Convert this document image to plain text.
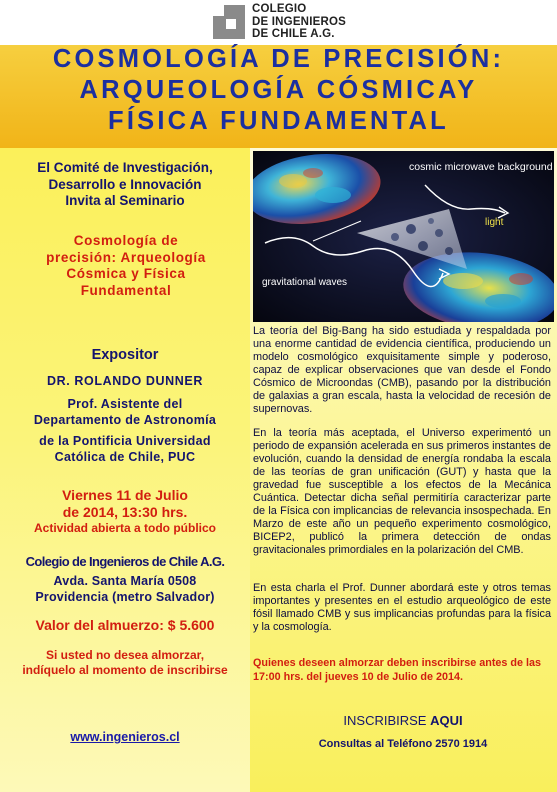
COLEGIO
DE INGENIEROS
DE CHILE A.G.
COSMOLOGÍA DE PRECISIÓN:
ARQUEOLOGÍA CÓSMICAY
FÍSICA FUNDAMENTAL
El Comité de Investigación,
Desarrollo e Innovación
Invita al Seminario
Cosmología de
precisión: Arqueología
Cósmica y Física
Fundamental
Expositor
DR. ROLANDO DUNNER
Prof. Asistente del
Departamento de Astronomía
de la Pontificia Universidad
Católica de Chile, PUC
Viernes 11 de Julio
de 2014, 13:30 hrs.
Actividad abierta a todo público
Colegio de Ingenieros de Chile A.G.
Avda. Santa María 0508
Providencia (metro Salvador)
Valor del almuerzo: $ 5.600
Si usted no desea almorzar,
indíquelo al momento de inscribirse
www.ingenieros.cl
cosmic microwave background
light
gravitational waves
La teoría del Big-Bang ha sido estudiada y respaldada por una enorme cantidad de evidencia científica, produciendo un modelo cosmológico exquisitamente simple y poderoso, capaz de explicar observaciones que van desde el Fondo Cósmico de Microondas (CMB), pasando por la distribución de galaxias a gran escala, hasta la velocidad de recesión de supernovas.
En la teoría más aceptada, el Universo experimentó un periodo de expansión acelerada en sus primeros instantes de evolución, cuando la densidad de energía rondaba la escala de las teorías de gran unificación (GUT) y hasta que la gravedad fue susceptible a los efectos de la Mecánica Cuántica. Detectar dicha señal permitiría caracterizar parte de la Física con implicancias de relevancia insospechada. En Marzo de este año un pequeño experimento cosmológico, BICEP2, publicó la primera detección de ondas gravitacionales primordiales en la polarización del CMB.
En esta charla el Prof. Dunner abordará este y otros temas importantes y presentes en el estudio arqueológico de este fósil llamado CMB y sus implicancias profundas para la física y la cosmología.
Quienes deseen almorzar deben inscribirse antes de las 17:00 hrs. del jueves 10 de Julio de 2014.
INSCRIBIRSE AQUI
Consultas al Teléfono 2570 1914
